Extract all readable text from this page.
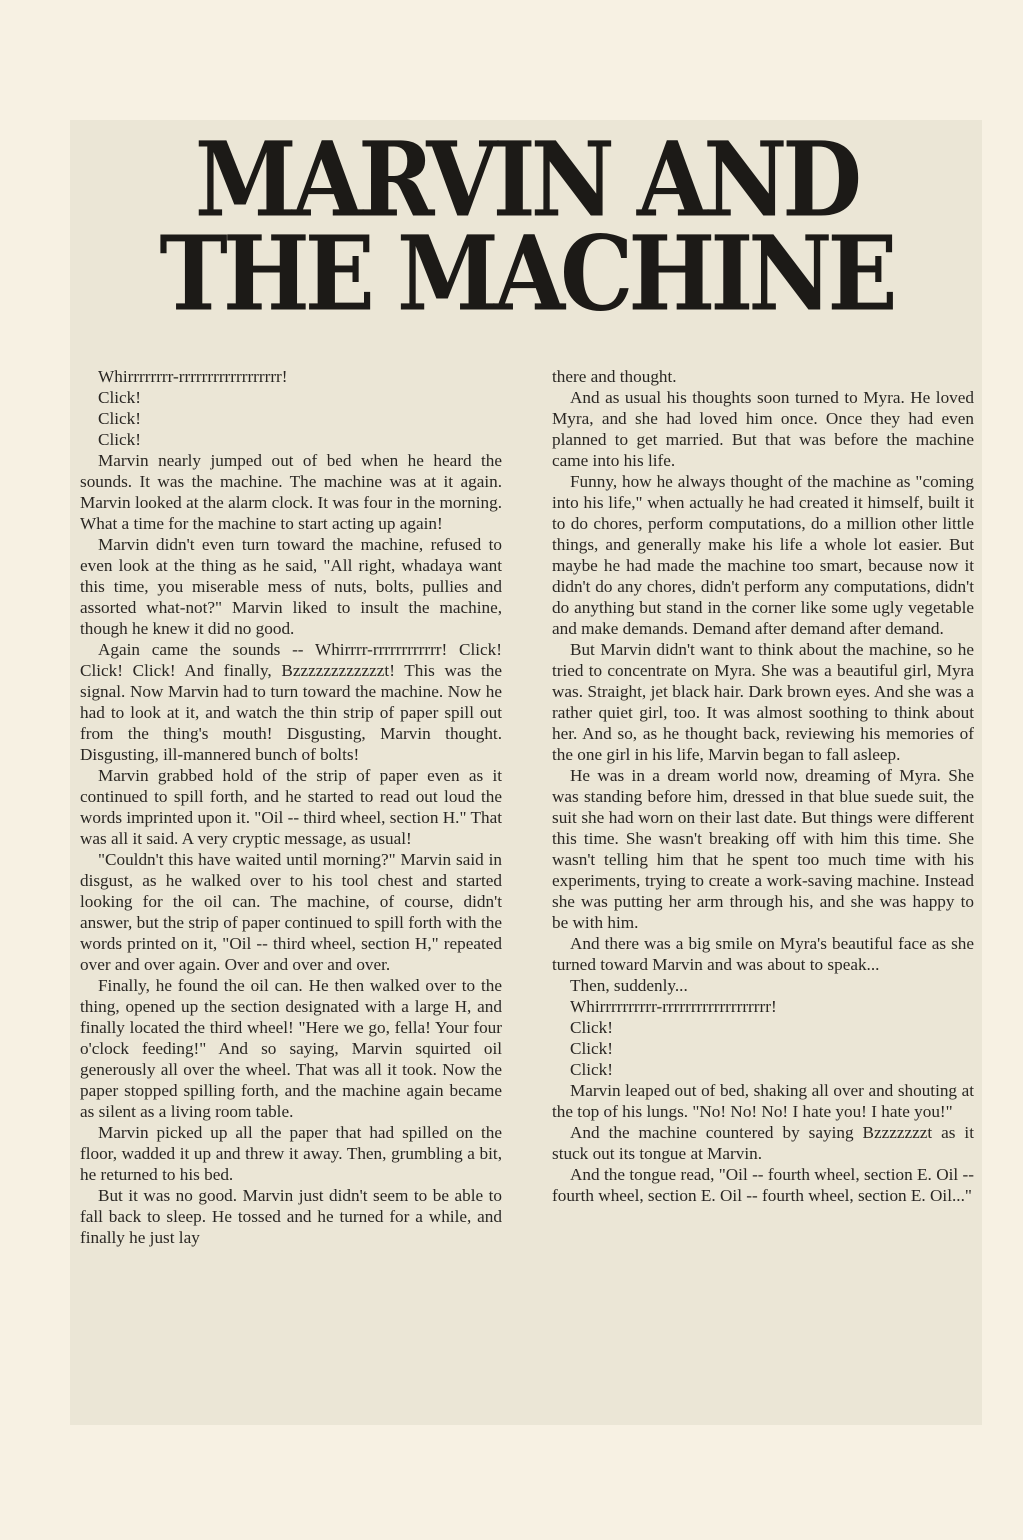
MARVIN AND
THE MACHINE

Whirrrrrrrr-rrrrrrrrrrrrrrrrrr!

Click!

Click!

Click!

Marvin nearly jumped out of bed when he heard the sounds. It was the machine. The machine was at it again. Marvin looked at the alarm clock. It was four in the morning. What a time for the machine to start acting up again!

Marvin didn't even turn toward the machine, refused to even look at the thing as he said, "All right, whadaya want this time, you miserable mess of nuts, bolts, pullies and assorted what-not?" Marvin liked to insult the machine, though he knew it did no good.

Again came the sounds -- Whirrrr-rrrrrrrrrrrr! Click! Click! Click! And finally, Bzzzzzzzzzzzzt! This was the signal. Now Marvin had to turn toward the machine. Now he had to look at it, and watch the thin strip of paper spill out from the thing's mouth! Disgusting, Marvin thought. Disgusting, ill-mannered bunch of bolts!

Marvin grabbed hold of the strip of paper even as it continued to spill forth, and he started to read out loud the words imprinted upon it. "Oil -- third wheel, section H." That was all it said. A very cryptic message, as usual!

"Couldn't this have waited until morning?" Marvin said in disgust, as he walked over to his tool chest and started looking for the oil can. The machine, of course, didn't answer, but the strip of paper continued to spill forth with the words printed on it, "Oil -- third wheel, section H," repeated over and over again. Over and over and over.

Finally, he found the oil can. He then walked over to the thing, opened up the section designated with a large H, and finally located the third wheel! "Here we go, fella! Your four o'clock feeding!" And so saying, Marvin squirted oil generously all over the wheel. That was all it took. Now the paper stopped spilling forth, and the machine again became as silent as a living room table.

Marvin picked up all the paper that had spilled on the floor, wadded it up and threw it away. Then, grumbling a bit, he returned to his bed.

But it was no good. Marvin just didn't seem to be able to fall back to sleep. He tossed and he turned for a while, and finally he just lay

there and thought.

And as usual his thoughts soon turned to Myra. He loved Myra, and she had loved him once. Once they had even planned to get married. But that was before the machine came into his life.

Funny, how he always thought of the machine as "coming into his life," when actually he had created it himself, built it to do chores, perform computations, do a million other little things, and generally make his life a whole lot easier. But maybe he had made the machine too smart, because now it didn't do any chores, didn't perform any computations, didn't do anything but stand in the corner like some ugly vegetable and make demands. Demand after demand after demand.

But Marvin didn't want to think about the machine, so he tried to concentrate on Myra. She was a beautiful girl, Myra was. Straight, jet black hair. Dark brown eyes. And she was a rather quiet girl, too. It was almost soothing to think about her. And so, as he thought back, reviewing his memories of the one girl in his life, Marvin began to fall asleep.

He was in a dream world now, dreaming of Myra. She was standing before him, dressed in that blue suede suit, the suit she had worn on their last date. But things were different this time. She wasn't breaking off with him this time. She wasn't telling him that he spent too much time with his experiments, trying to create a work-saving machine. Instead she was putting her arm through his, and she was happy to be with him.

And there was a big smile on Myra's beautiful face as she turned toward Marvin and was about to speak...

Then, suddenly...

Whirrrrrrrrrr-rrrrrrrrrrrrrrrrrrr!

Click!

Click!

Click!

Marvin leaped out of bed, shaking all over and shouting at the top of his lungs. "No! No! No! I hate you! I hate you!"

And the machine countered by saying Bzzzzzzzt as it stuck out its tongue at Marvin.

And the tongue read, "Oil -- fourth wheel, section E. Oil -- fourth wheel, section E. Oil -- fourth wheel, section E. Oil..."
